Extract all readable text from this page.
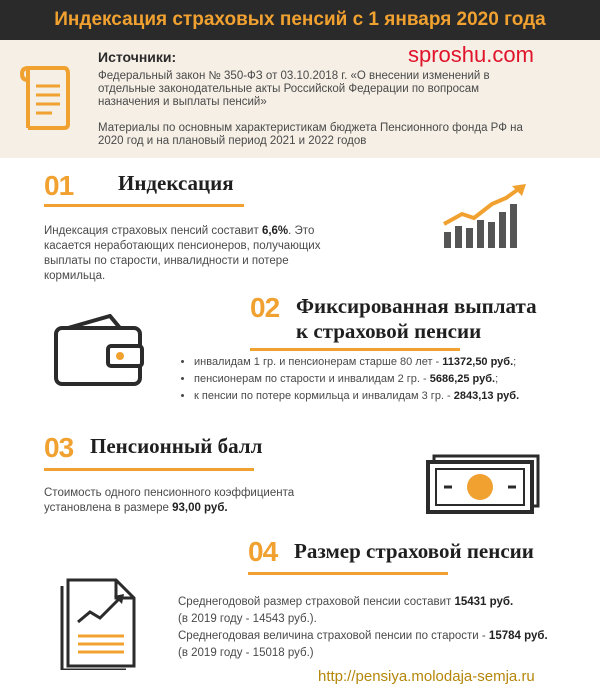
Индексация страховых пенсий с 1 января 2020 года
Источники:
Федеральный закон № 350-ФЗ от 03.10.2018 г. «О внесении изменений в отдельные законодательные акты Российской Федерации по вопросам назначения и выплаты пенсий»
Материалы по основным характеристикам бюджета Пенсионного фонда РФ на 2020 год и на плановый период 2021 и 2022 годов
sproshu.com
01 Индексация
Индексация страховых пенсий составит 6,6%. Это касается неработающих пенсионеров, получающих выплаты по старости, инвалидности и потере кормильца.
02 Фиксированная выплата
к страховой пенсии
• инвалидам 1 гр. и пенсионерам старше 80 лет - 11372,50 руб.;
• пенсионерам по старости и инвалидам 2 гр. - 5686,25 руб.;
• к пенсии по потере кормильца и инвалидам 3 гр. - 2843,13 руб.
03 Пенсионный балл
Стоимость одного пенсионного коэффициента установлена в размере 93,00 руб.
04 Размер страховой пенсии
Среднегодовой размер страховой пенсии составит 15431 руб.
(в 2019 году - 14543 руб.).
Среднегодовая величина страховой пенсии по старости - 15784 руб.
(в 2019 году - 15018 руб.)
http://pensiya.molodaja-semja.ru
